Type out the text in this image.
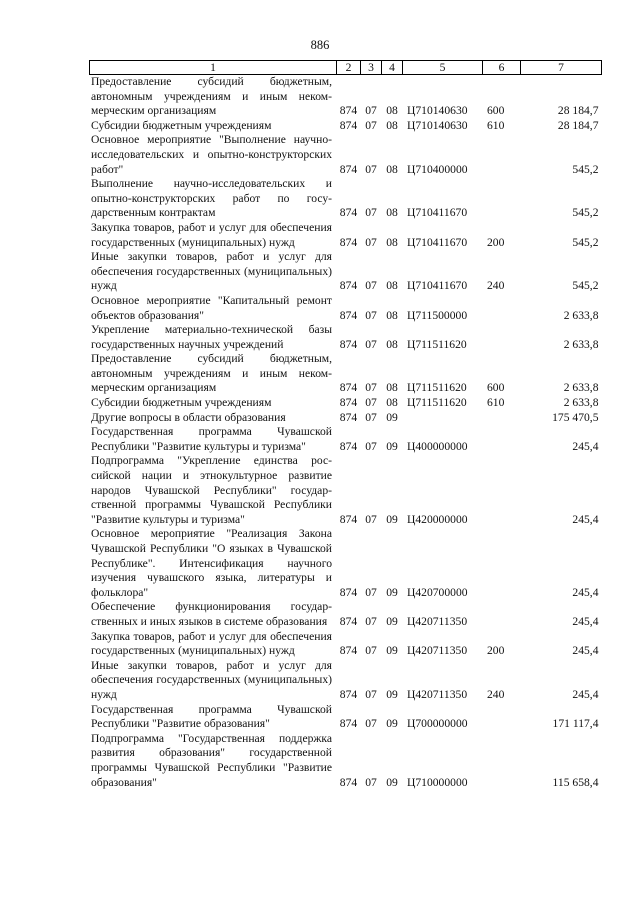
886
1	2	3	4	5	6	7
Предоставление субсидий бюджетным, автономным учреждениям и иным некоммерческим организациям	874	07	08	Ц710140630	600	28 184,7
Субсидии бюджетным учреждениям	874	07	08	Ц710140630	610	28 184,7
Основное мероприятие "Выполнение научно-исследовательских и опытно-конструкторских работ"	874	07	08	Ц710400000		545,2
Выполнение научно-исследовательских и опытно-конструкторских работ по государственным контрактам	874	07	08	Ц710411670		545,2
Закупка товаров, работ и услуг для обеспечения государственных (муниципальных) нужд	874	07	08	Ц710411670	200	545,2
Иные закупки товаров, работ и услуг для обеспечения государственных (муниципальных) нужд	874	07	08	Ц710411670	240	545,2
Основное мероприятие "Капитальный ремонт объектов образования"	874	07	08	Ц711500000		2 633,8
Укрепление материально-технической базы государственных научных учреждений	874	07	08	Ц711511620		2 633,8
Предоставление субсидий бюджетным, автономным учреждениям и иным некоммерческим организациям	874	07	08	Ц711511620	600	2 633,8
Субсидии бюджетным учреждениям	874	07	08	Ц711511620	610	2 633,8
Другие вопросы в области образования	874	07	09			175 470,5
Государственная программа Чувашской Республики "Развитие культуры и туризма"	874	07	09	Ц400000000		245,4
Подпрограмма "Укрепление единства российской нации и этнокультурное развитие народов Чувашской Республики" государственной программы Чувашской Республики "Развитие культуры и туризма"	874	07	09	Ц420000000		245,4
Основное мероприятие "Реализация Закона Чувашской Республики "О языках в Чувашской Республике". Интенсификация научного изучения чувашского языка, литературы и фольклора"	874	07	09	Ц420700000		245,4
Обеспечение функционирования государственных и иных языков в системе образования	874	07	09	Ц420711350		245,4
Закупка товаров, работ и услуг для обеспечения государственных (муниципальных) нужд	874	07	09	Ц420711350	200	245,4
Иные закупки товаров, работ и услуг для обеспечения государственных (муниципальных) нужд	874	07	09	Ц420711350	240	245,4
Государственная программа Чувашской Республики "Развитие образования"	874	07	09	Ц700000000		171 117,4
Подпрограмма "Государственная поддержка развития образования" государственной программы Чувашской Республики "Развитие образования"	874	07	09	Ц710000000		115 658,4
